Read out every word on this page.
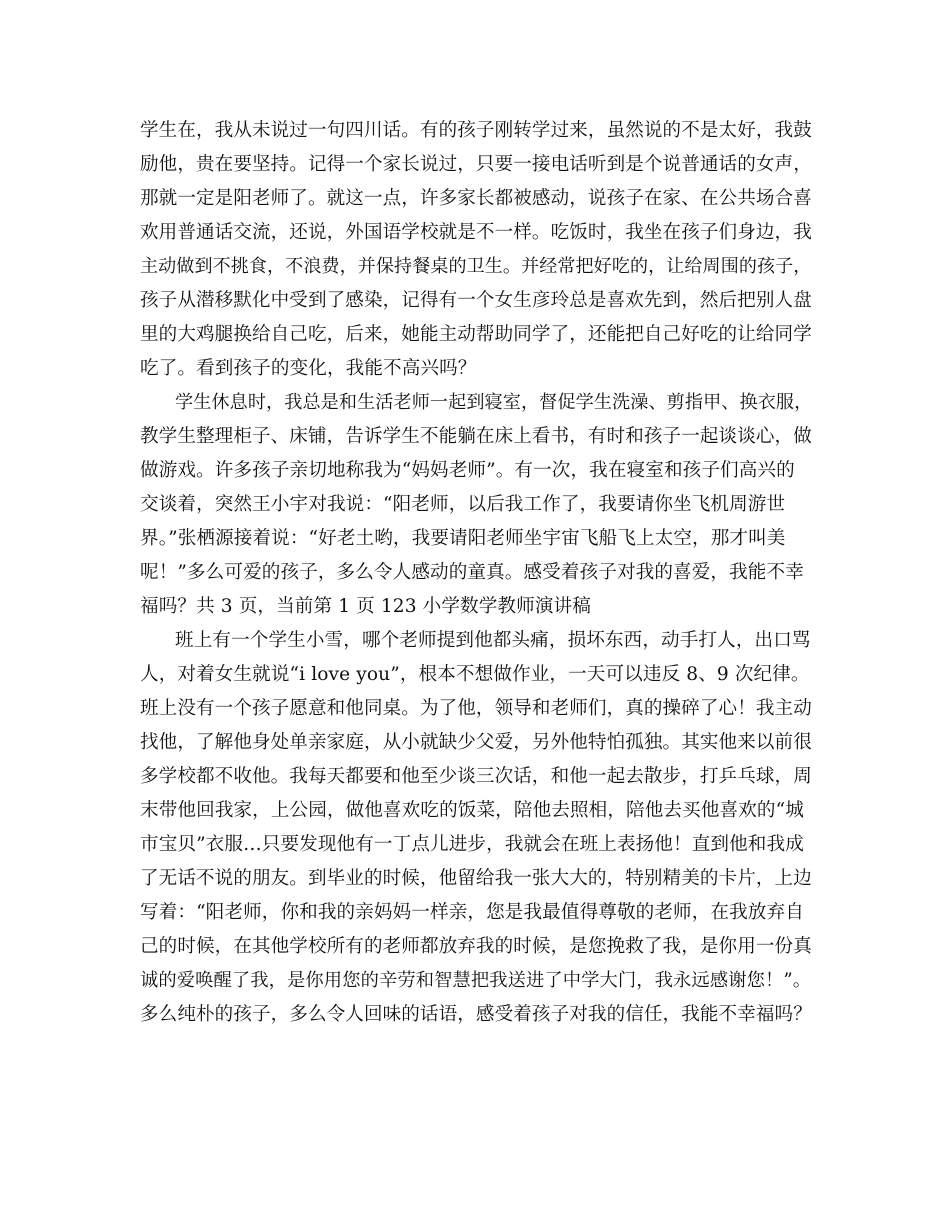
学生在，我从未说过一句四川话。有的孩子刚转学过来，虽然说的不是太好，我鼓
励他，贵在要坚持。记得一个家长说过，只要一接电话听到是个说普通话的女声，
那就一定是阳老师了。就这一点，许多家长都被感动，说孩子在家、在公共场合喜
欢用普通话交流，还说，外国语学校就是不一样。吃饭时，我坐在孩子们身边，我
主动做到不挑食，不浪费，并保持餐桌的卫生。并经常把好吃的，让给周围的孩子，
孩子从潜移默化中受到了感染，记得有一个女生彦玲总是喜欢先到，然后把别人盘
里的大鸡腿换给自己吃，后来，她能主动帮助同学了，还能把自己好吃的让给同学
吃了。看到孩子的变化，我能不高兴吗？
学生休息时，我总是和生活老师一起到寝室，督促学生洗澡、剪指甲、换衣服，
教学生整理柜子、床铺，告诉学生不能躺在床上看书，有时和孩子一起谈谈心，做
做游戏。许多孩子亲切地称我为“妈妈老师”。有一次，我在寝室和孩子们高兴的
交谈着，突然王小宇对我说：“阳老师，以后我工作了，我要请你坐飞机周游世
界。”张栖源接着说：“好老土哟，我要请阳老师坐宇宙飞船飞上太空，那才叫美
呢！”多么可爱的孩子，多么令人感动的童真。感受着孩子对我的喜爱，我能不幸
福吗？共 3 页，当前第 1 页 123 小学数学教师演讲稿
班上有一个学生小雪，哪个老师提到他都头痛，损坏东西，动手打人，出口骂
人，对着女生就说“i love you”，根本不想做作业，一天可以违反 8、9 次纪律。
班上没有一个孩子愿意和他同桌。为了他，领导和老师们，真的操碎了心！我主动
找他，了解他身处单亲家庭，从小就缺少父爱，另外他特怕孤独。其实他来以前很
多学校都不收他。我每天都要和他至少谈三次话，和他一起去散步，打乒乓球，周
末带他回我家，上公园，做他喜欢吃的饭菜，陪他去照相，陪他去买他喜欢的“城
市宝贝”衣服…只要发现他有一丁点儿进步，我就会在班上表扬他！直到他和我成
了无话不说的朋友。到毕业的时候，他留给我一张大大的，特别精美的卡片，上边
写着：“阳老师，你和我的亲妈妈一样亲，您是我最值得尊敬的老师，在我放弃自
己的时候，在其他学校所有的老师都放弃我的时候，是您挽救了我，是你用一份真
诚的爱唤醒了我，是你用您的辛劳和智慧把我送进了中学大门，我永远感谢您！”。
多么纯朴的孩子，多么令人回味的话语，感受着孩子对我的信任，我能不幸福吗？
